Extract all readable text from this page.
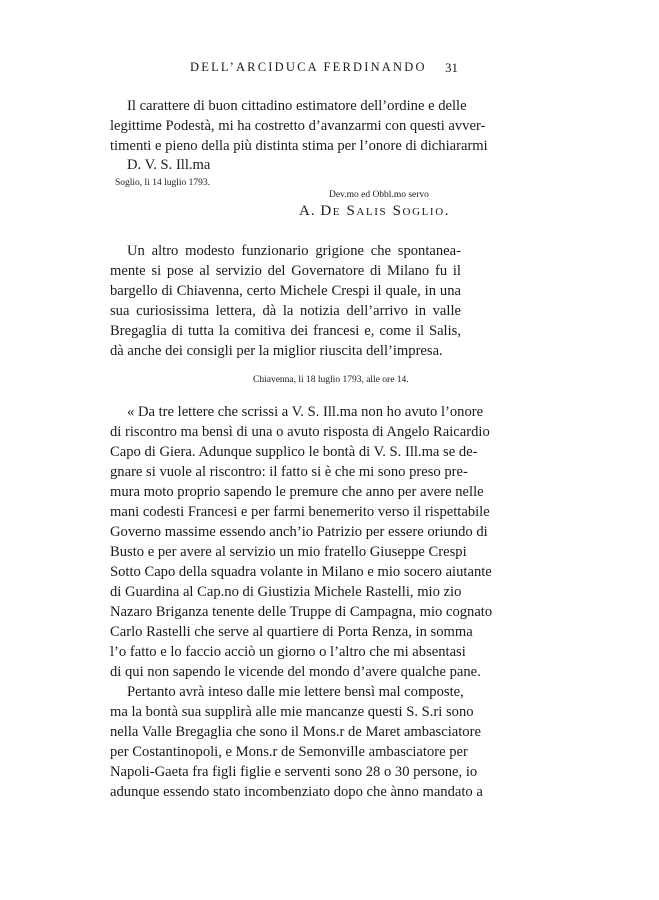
DELL’ARCIDUCA FERDINANDO 31
Il carattere di buon cittadino estimatore dell’ordine e delle
legittime Podestà, mi ha costretto d’avanzarmi con questi avver-
timenti e pieno della più distinta stima per l’onore di dichiararmi
D. V. S. Ill.ma
Soglio, li 14 luglio 1793.
Dev.mo ed Obbl.mo servo
A. De Salis Soglio.
Un altro modesto funzionario grigione che spontanea-
mente si pose al servizio del Governatore di Milano fu il
bargello di Chiavenna, certo Michele Crespi il quale, in una
sua curiosissima lettera, dà la notizia dell’arrivo in valle
Bregaglia di tutta la comitiva dei francesi e, come il Salis,
dà anche dei consigli per la miglior riuscita dell’impresa.
Chiavenna, li 18 luglio 1793, alle ore 14.
« Da tre lettere che scrissi a V. S. Ill.ma non ho avuto l’onore
di riscontro ma bensì di una o avuto risposta di Angelo Raicardio
Capo di Giera. Adunque supplico le bontà di V. S. Ill.ma se de-
gnare si vuole al riscontro: il fatto si è che mi sono preso pre-
mura moto proprio sapendo le premure che anno per avere nelle
mani codesti Francesi e per farmi benemerito verso il rispettabile
Governo massime essendo anch’io Patrizio per essere oriundo di
Busto e per avere al servizio un mio fratello Giuseppe Crespi
Sotto Capo della squadra volante in Milano e mio socero aiutante
di Guardina al Cap.no di Giustizia Michele Rastelli, mio zio
Nazaro Briganza tenente delle Truppe di Campagna, mio cognato
Carlo Rastelli che serve al quartiere di Porta Renza, in somma
l’o fatto e lo faccio acciò un giorno o l’altro che mi absentasi
di qui non sapendo le vicende del mondo d’avere qualche pane.
Pertanto avrà inteso dalle mie lettere bensì mal composte,
ma la bontà sua supplirà alle mie mancanze questi S. S.ri sono
nella Valle Bregaglia che sono il Mons.r de Maret ambasciatore
per Costantinopoli, e Mons.r de Semonville ambasciatore per
Napoli-Gaeta fra figli figlie e serventi sono 28 o 30 persone, io
adunque essendo stato incombenziato dopo che ànno mandato a
